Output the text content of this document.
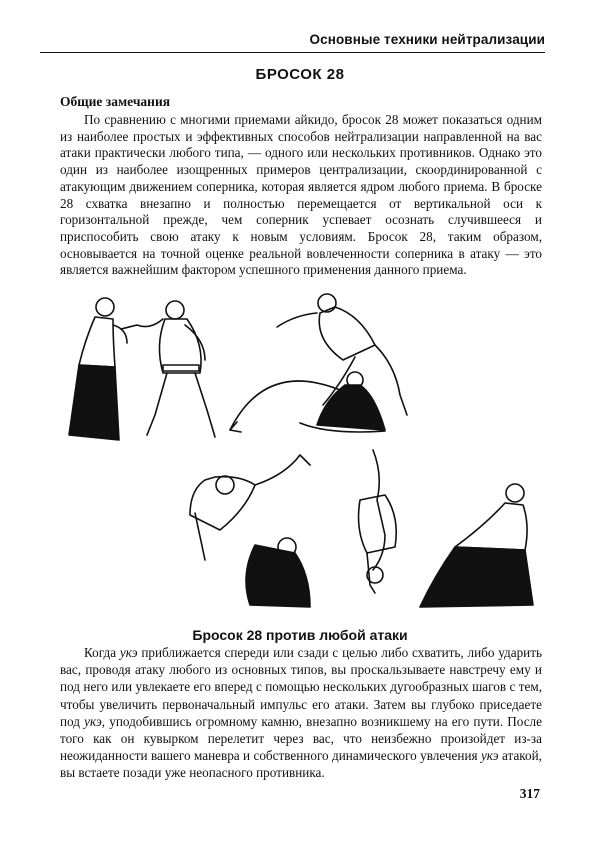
Основные техники нейтрализации
БРОСОК 28
Общие замечания

По сравнению с многими приемами айкидо, бросок 28 может показаться одним из наиболее простых и эффективных способов нейтрализации направленной на вас атаки практически любого типа, — одного или нескольких противников. Однако это один из наиболее изощренных примеров централизации, скоординированной с атакующим движением соперника, которая является ядром любого приема. В броске 28 схватка внезапно и полностью перемещается от вертикальной оси к горизонтальной прежде, чем соперник успевает осознать случившееся и приспособить свою атаку к новым условиям. Бросок 28, таким образом, основывается на точной оценке реальной вовлеченности соперника в атаку — это является важнейшим фактором успешного применения данного приема.

Бросок 28 против любой атаки

Когда укэ приближается спереди или сзади с целью либо схватить, либо ударить вас, проводя атаку любого из основных типов, вы проскальзываете навстречу ему и под него или увлекаете его вперед с помощью нескольких дугообразных шагов с тем, чтобы увеличить первоначальный импульс его атаки. Затем вы глубоко приседаете под укэ, уподобившись огромному камню, внезапно возникшему на его пути. После того как он кувырком перелетит через вас, что неизбежно произойдет из-за неожиданности вашего маневра и собственного динамического увлечения укэ атакой, вы встаете позади уже неопасного противника.

317
